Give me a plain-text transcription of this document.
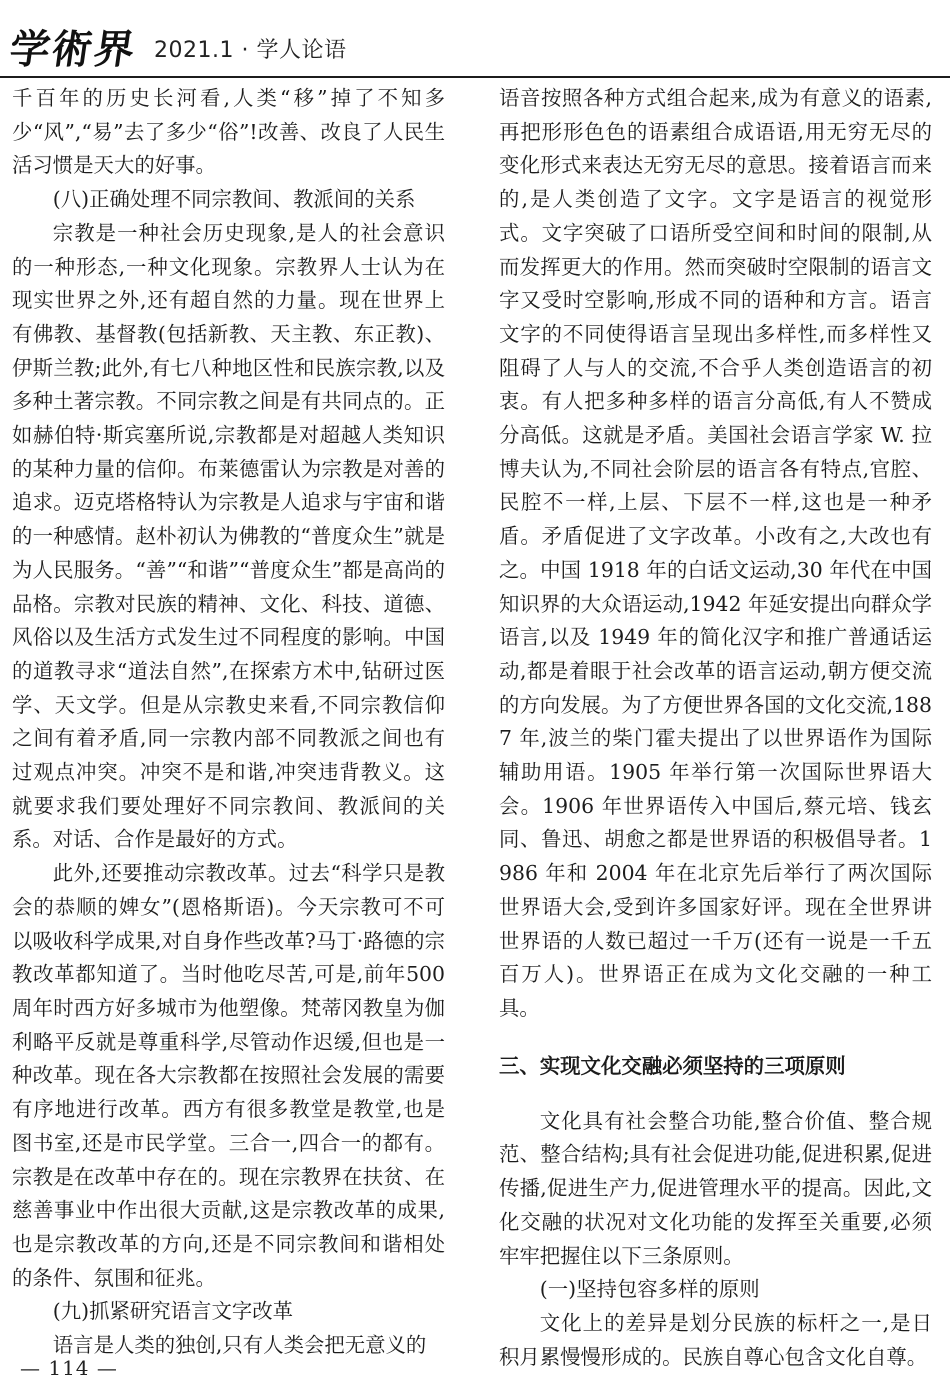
学術界 2021.1 · 学人论语

千百年的历史长河看,人类“移”掉了不知多少“风”,“易”去了多少“俗”!改善、改良了人民生活习惯是天大的好事。

(八)正确处理不同宗教间、教派间的关系

宗教是一种社会历史现象,是人的社会意识的一种形态,一种文化现象。宗教界人士认为在现实世界之外,还有超自然的力量。现在世界上有佛教、基督教(包括新教、天主教、东正教)、伊斯兰教;此外,有七八种地区性和民族宗教,以及多种土著宗教。不同宗教之间是有共同点的。正如赫伯特·斯宾塞所说,宗教都是对超越人类知识的某种力量的信仰。布莱德雷认为宗教是对善的追求。迈克塔格特认为宗教是人追求与宇宙和谐的一种感情。赵朴初认为佛教的“普度众生”就是为人民服务。“善”“和谐”“普度众生”都是高尚的品格。宗教对民族的精神、文化、科技、道德、风俗以及生活方式发生过不同程度的影响。中国的道教寻求“道法自然”,在探索方术中,钻研过医学、天文学。但是从宗教史来看,不同宗教信仰之间有着矛盾,同一宗教内部不同教派之间也有过观点冲突。冲突不是和谐,冲突违背教义。这就要求我们要处理好不同宗教间、教派间的关系。对话、合作是最好的方式。

此外,还要推动宗教改革。过去“科学只是教会的恭顺的婢女”(恩格斯语)。今天宗教可不可以吸收科学成果,对自身作些改革?马丁·路德的宗教改革都知道了。当时他吃尽苦,可是,前年500周年时西方好多城市为他塑像。梵蒂冈教皇为伽利略平反就是尊重科学,尽管动作迟缓,但也是一种改革。现在各大宗教都在按照社会发展的需要有序地进行改革。西方有很多教堂是教堂,也是图书室,还是市民学堂。三合一,四合一的都有。宗教是在改革中存在的。现在宗教界在扶贫、在慈善事业中作出很大贡献,这是宗教改革的成果,也是宗教改革的方向,还是不同宗教间和谐相处的条件、氛围和征兆。

(九)抓紧研究语言文字改革

语言是人类的独创,只有人类会把无意义的

语音按照各种方式组合起来,成为有意义的语素,再把形形色色的语素组合成语语,用无穷无尽的变化形式来表达无穷无尽的意思。接着语言而来的,是人类创造了文字。文字是语言的视觉形式。文字突破了口语所受空间和时间的限制,从而发挥更大的作用。然而突破时空限制的语言文字又受时空影响,形成不同的语种和方言。语言文字的不同使得语言呈现出多样性,而多样性又阻碍了人与人的交流,不合乎人类创造语言的初衷。有人把多种多样的语言分高低,有人不赞成分高低。这就是矛盾。美国社会语言学家 W. 拉博夫认为,不同社会阶层的语言各有特点,官腔、民腔不一样,上层、下层不一样,这也是一种矛盾。矛盾促进了文字改革。小改有之,大改也有之。中国 1918 年的白话文运动,30 年代在中国知识界的大众语运动,1942 年延安提出向群众学语言,以及 1949 年的简化汉字和推广普通话运动,都是着眼于社会改革的语言运动,朝方便交流的方向发展。为了方便世界各国的文化交流,1887 年,波兰的柴门霍夫提出了以世界语作为国际辅助用语。1905 年举行第一次国际世界语大会。1906 年世界语传入中国后,蔡元培、钱玄同、鲁迅、胡愈之都是世界语的积极倡导者。1986 年和 2004 年在北京先后举行了两次国际世界语大会,受到许多国家好评。现在全世界讲世界语的人数已超过一千万(还有一说是一千五百万人)。世界语正在成为文化交融的一种工具。

三、实现文化交融必须坚持的三项原则

文化具有社会整合功能,整合价值、整合规范、整合结构;具有社会促进功能,促进积累,促进传播,促进生产力,促进管理水平的提高。因此,文化交融的状况对文化功能的发挥至关重要,必须牢牢把握住以下三条原则。

(一)坚持包容多样的原则

文化上的差异是划分民族的标杆之一,是日积月累慢慢形成的。民族自尊心包含文化自尊。

— 114 —
